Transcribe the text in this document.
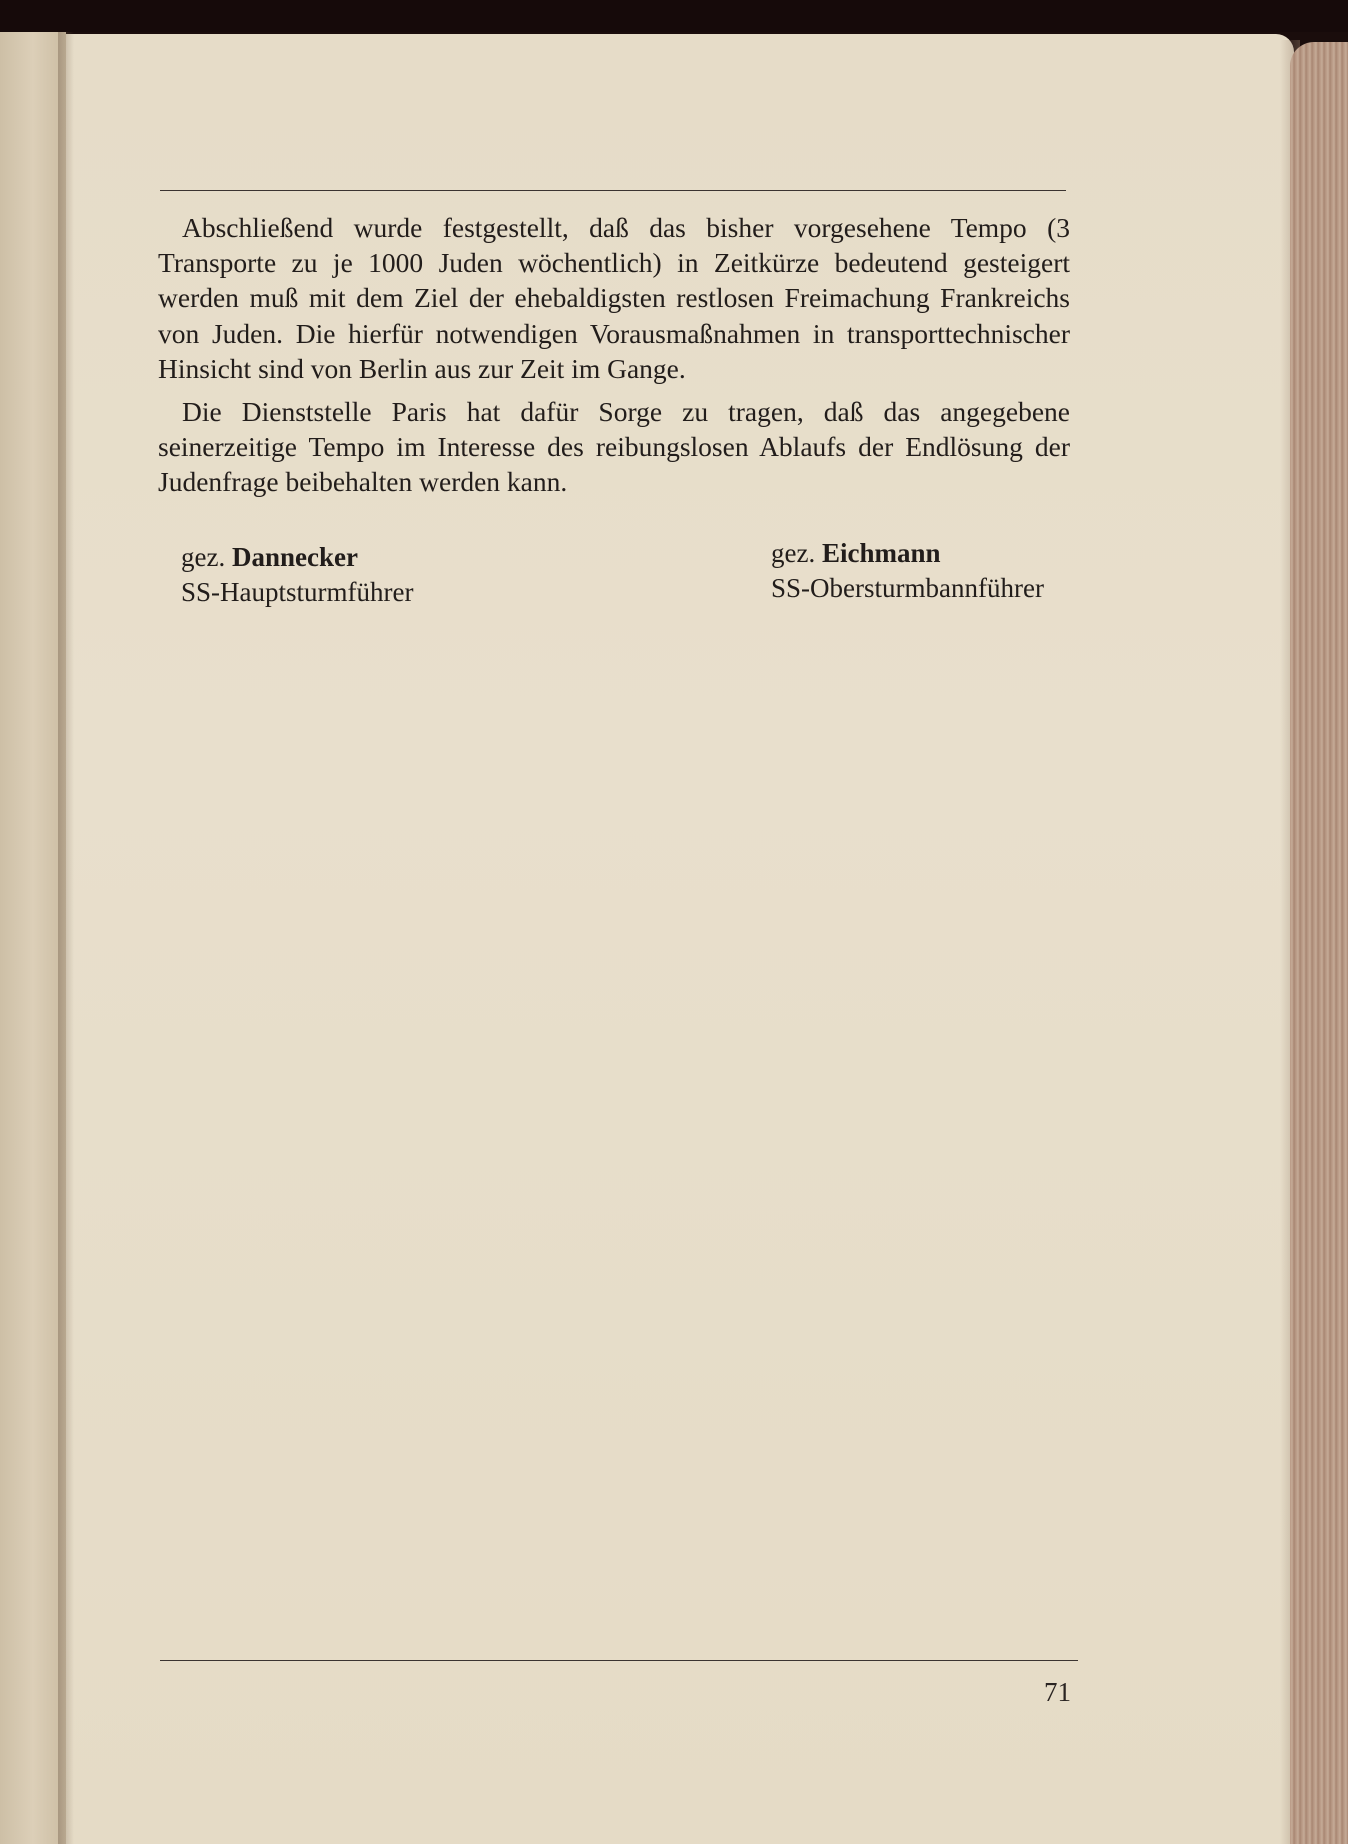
Abschließend wurde festgestellt, daß das bisher vorgesehene Tempo (3 Transporte zu je 1000 Juden wöchentlich) in Zeitkürze bedeutend gesteigert werden muß mit dem Ziel der ehebaldigsten restlosen Freimachung Frankreichs von Juden. Die hierfür notwendigen Vorausmaßnahmen in transporttechnischer Hinsicht sind von Berlin aus zur Zeit im Gange.

Die Dienststelle Paris hat dafür Sorge zu tragen, daß das angegebene seinerzeitige Tempo im Interesse des reibungslosen Ablaufs der Endlösung der Judenfrage beibehalten werden kann.

gez. Dannecker
SS-Hauptsturmführer
gez. Eichmann
SS-Obersturmbannführer
71
